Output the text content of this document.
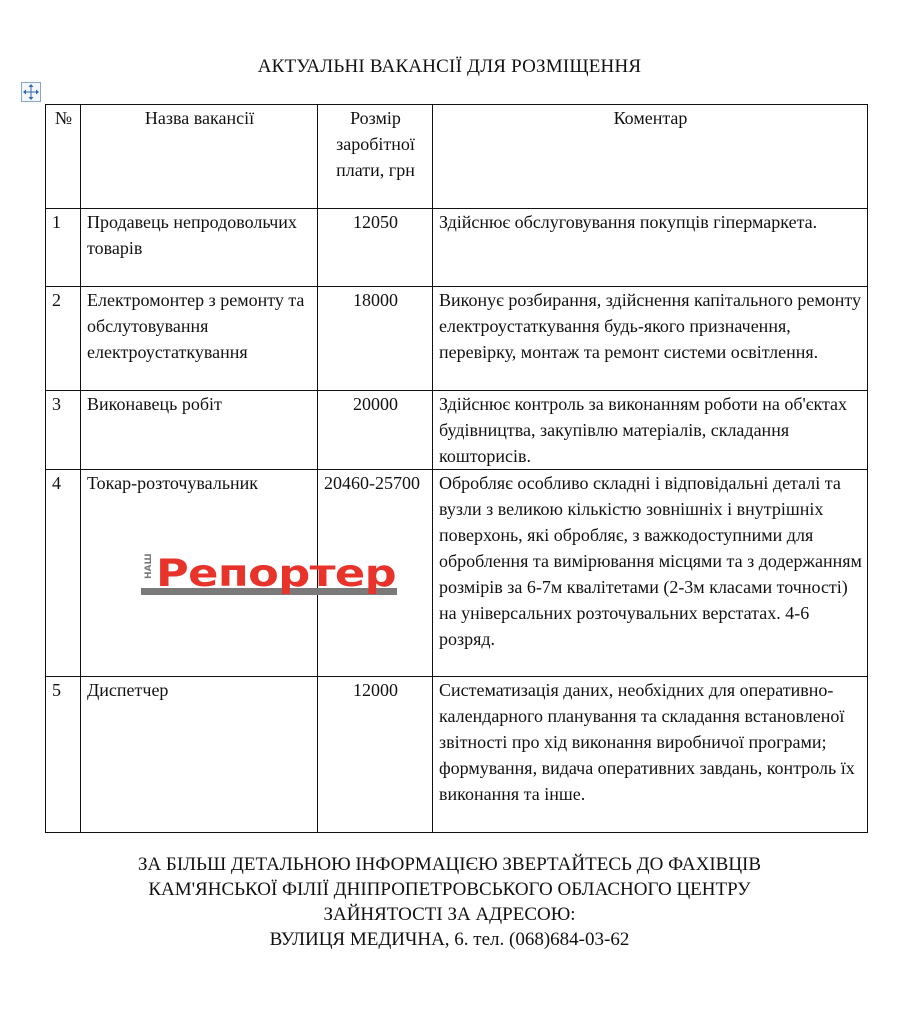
АКТУАЛЬНІ ВАКАНСІЇ ДЛЯ РОЗМІЩЕННЯ
№	Назва вакансії	Розмір заробітної плати, грн	Коментар
1	Продавець непродовольчих товарів	12050	Здійснює обслуговування покупців гіпермаркета.
2	Електромонтер з ремонту та обслутовування електроустаткування	18000	Виконує розбирання, здійснення капітального ремонту електроустаткування будь-якого призначення, перевірку, монтаж та ремонт системи освітлення.
3	Виконавець робіт	20000	Здійснює контроль за виконанням роботи на об'єктах будівництва, закупівлю матеріалів, складання кошторисів.
4	Токар-розточувальник	20460-25700	Обробляє особливо складні і відповідальні деталі та вузли з великою кількістю зовнішніх і внутрішніх поверхонь, які обробляє, з важкодоступними для оброблення та вимірювання місцями та з додержанням розмірів за 6-7м квалітетами (2-3м класами точності) на універсальних розточувальних верстатах. 4-6 розряд.
5	Диспетчер	12000	Систематизація даних, необхідних для оперативно-календарного планування та складання встановленої звітності про хід виконання виробничої програми; формування, видача оперативних завдань, контроль їх виконання та інше.
НАШ Репортер
ЗА БІЛЬШ ДЕТАЛЬНОЮ ІНФОРМАЦІЄЮ ЗВЕРТАЙТЕСЬ ДО ФАХІВЦІВ
КАМ'ЯНСЬКОЇ ФІЛІЇ ДНІПРОПЕТРОВСЬКОГО ОБЛАСНОГО ЦЕНТРУ
ЗАЙНЯТОСТІ ЗА АДРЕСОЮ:
ВУЛИЦЯ МЕДИЧНА, 6. тел. (068)684-03-62
